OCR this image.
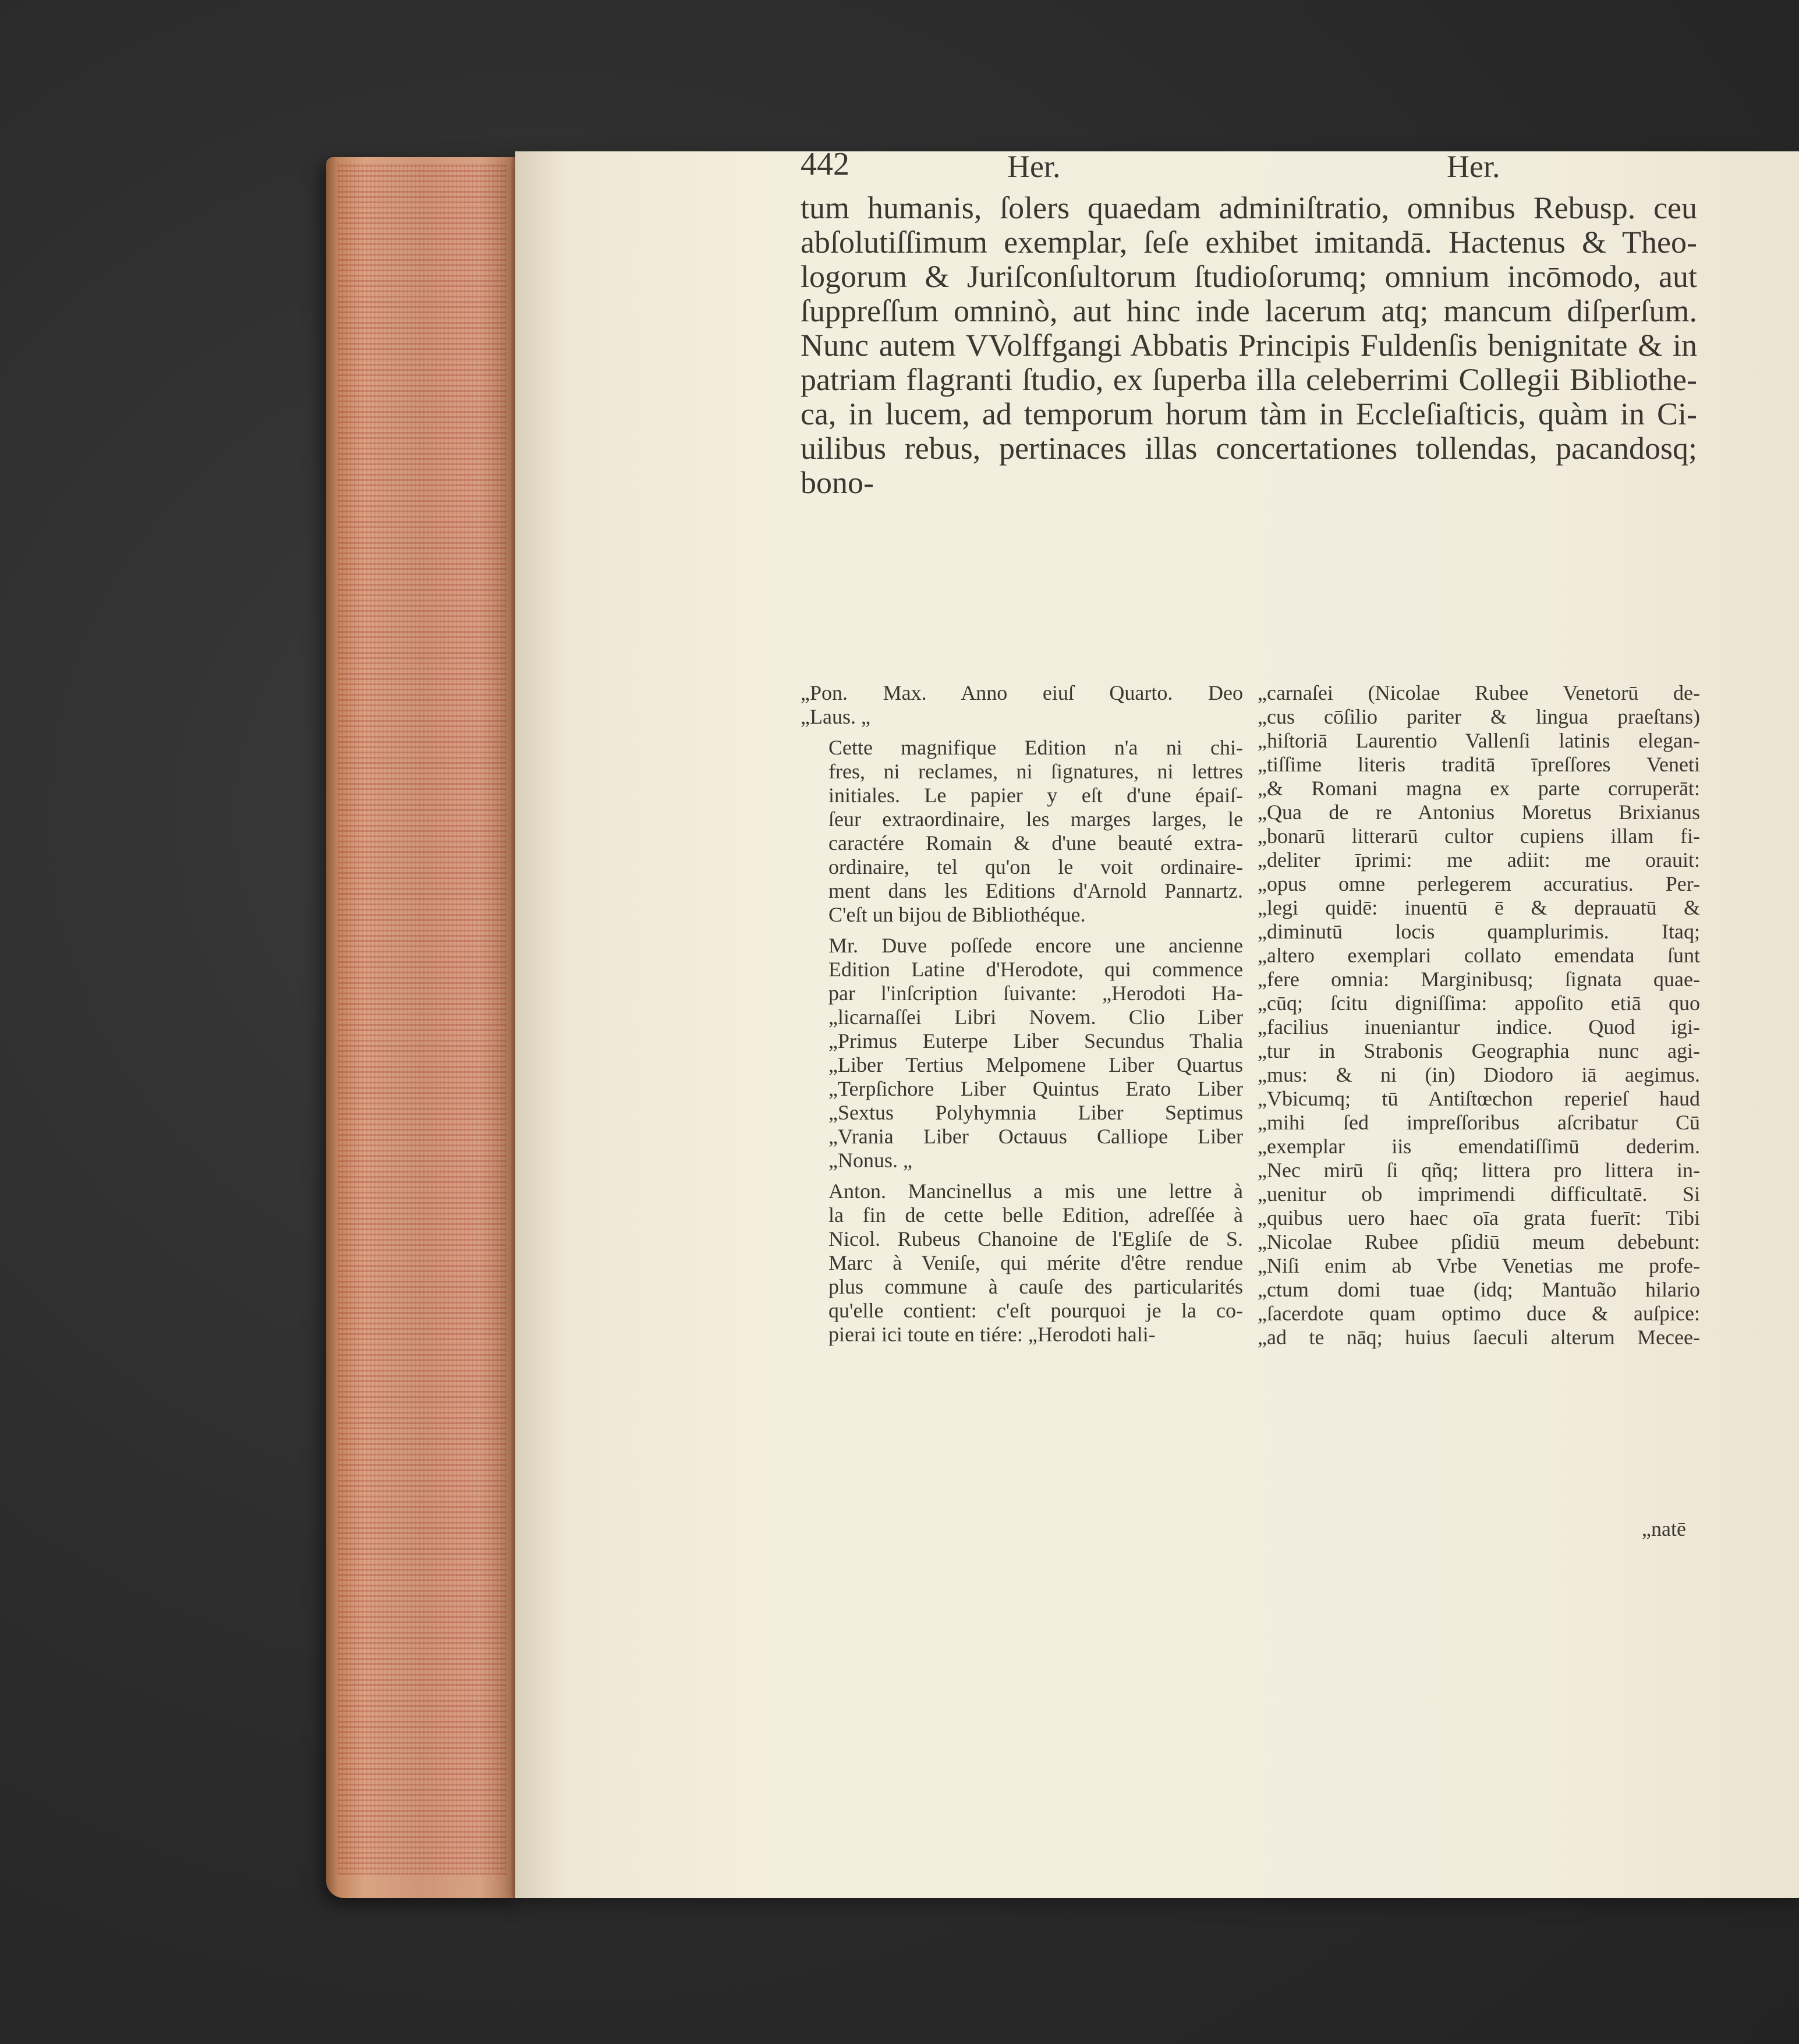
442	Her.	Her.
tum humanis, ſolers quaedam adminiſtratio, omnibus Rebusp. ceu
abſolutiſſimum exemplar, ſeſe exhibet imitandā. Hactenus & Theo-
logorum & Juriſconſultorum ſtudioſorumq; omnium incōmodo, aut
ſuppreſſum omninò, aut hinc inde lacerum atq; mancum diſperſum.
Nunc autem VVolffgangi Abbatis Principis Fuldenſis benignitate & in
patriam flagranti ſtudio, ex ſuperba illa celeberrimi Collegii Bibliothe-
ca, in lucem, ad temporum horum tàm in Eccleſiaſticis, quàm in Ci-
uilibus rebus, pertinaces illas concertationes tollendas, pacandosq;
bono-

„Pon. Max. Anno eiuſ Quarto. Deo
„Laus. „

Cette magnifique Edition n'a ni chi-
fres, ni reclames, ni ſignatures, ni lettres
initiales. Le papier y eſt d'une épaiſ-
ſeur extraordinaire, les marges larges, le
caractére Romain & d'une beauté extra-
ordinaire, tel qu'on le voit ordinaire-
ment dans les Editions d'Arnold Pannartz.
C'eſt un bijou de Bibliothéque.

Mr. Duve poſſede encore une ancienne
Edition Latine d'Herodote, qui commence
par l'inſcription ſuivante: „Herodoti Ha-
„licarnaſſei Libri Novem. Clio Liber
„Primus Euterpe Liber Secundus Thalia
„Liber Tertius Melpomene Liber Quartus
„Terpſichore Liber Quintus Erato Liber
„Sextus Polyhymnia Liber Septimus
„Vrania Liber Octauus Calliope Liber
„Nonus. „

Anton. Mancinellus a mis une lettre à
la fin de cette belle Edition, adreſſée à
Nicol. Rubeus Chanoine de l'Egliſe de S.
Marc à Veniſe, qui mérite d'être rendue
plus commune à cauſe des particularités
qu'elle contient: c'eſt pourquoi je la co-
pierai ici toute en tiére: „Herodoti hali-

„carnaſei (Nicolae Rubee Venetorū de-
„cus cōſilio pariter & lingua praeſtans)
„hiſtoriā Laurentio Vallenſi latinis elegan-
„tiſſime literis traditā īpreſſores Veneti
„& Romani magna ex parte corruperāt:
„Qua de re Antonius Moretus Brixianus
„bonarū litterarū cultor cupiens illam fi-
„deliter īprimi: me adiit: me orauit:
„opus omne perlegerem accuratius. Per-
„legi quidē: inuentū ē & deprauatū &
„diminutū locis quamplurimis. Itaq;
„altero exemplari collato emendata ſunt
„fere omnia: Marginibusq; ſignata quae-
„cūq; ſcitu digniſſima: appoſito etiā quo
„facilius inueniantur indice. Quod igi-
„tur in Strabonis Geographia nunc agi-
„mus: & ni (in) Diodoro iā aegimus.
„Vbicumq; tū Antiſtœchon reperieſ haud
„mihi ſed impreſſoribus aſcribatur Cū
„exemplar iis emendatiſſimū dederim.
„Nec mirū ſi qñq; littera pro littera in-
„uenitur ob imprimendi difficultatē. Si
„quibus uero haec oīa grata fuerīt: Tibi
„Nicolae Rubee pſidiū meum debebunt:
„Niſi enim ab Vrbe Venetias me profe-
„ctum domi tuae (idq; Mantuão hilario
„ſacerdote quam optimo duce & auſpice:
„ad te nāq; huius ſaeculi alterum Mecee-

„natē
